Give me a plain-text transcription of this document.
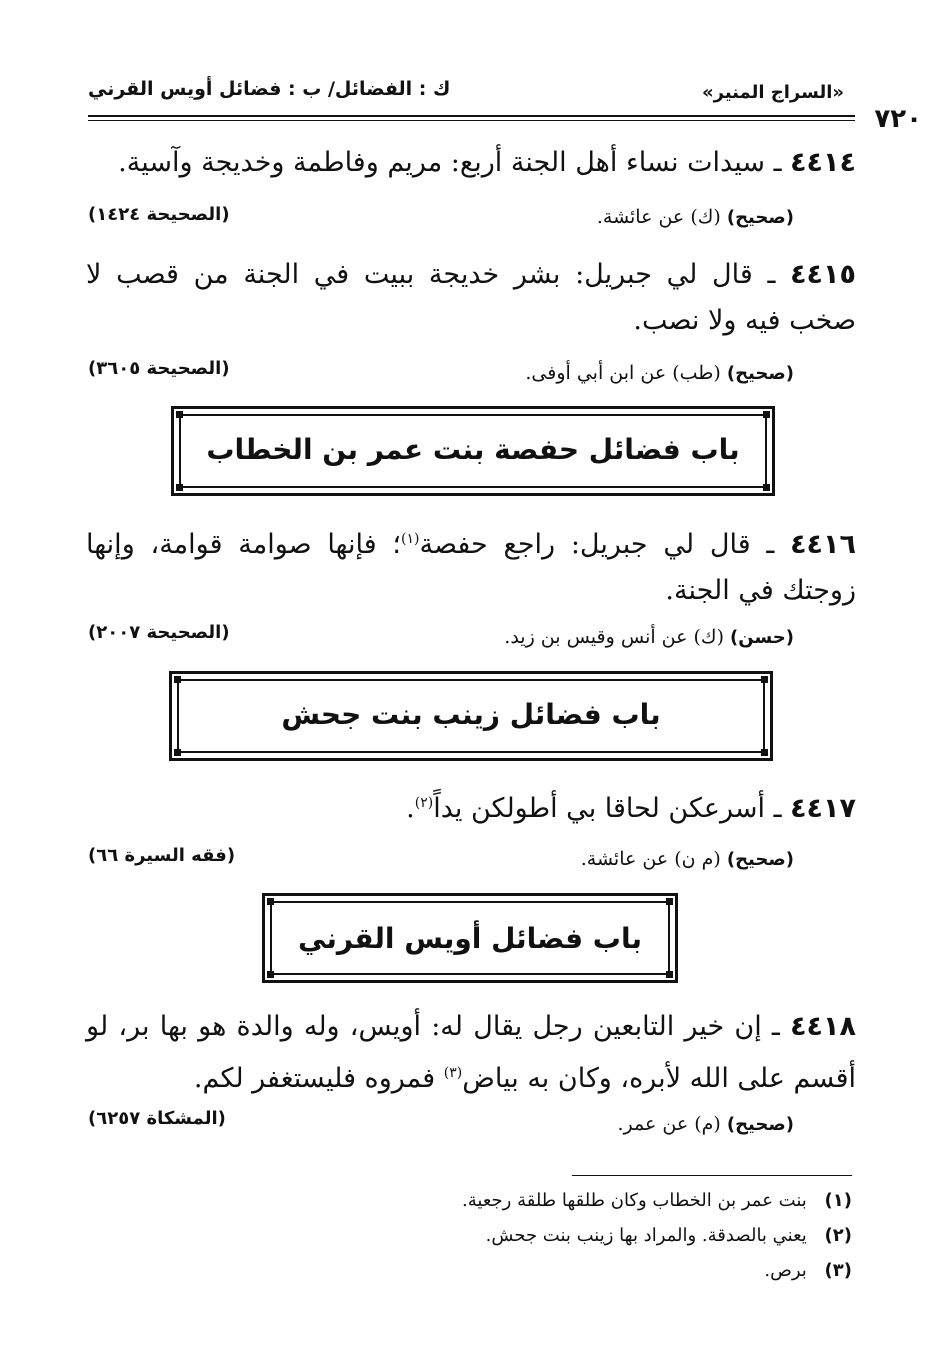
ك : الفضائل/ ب : فضائل أويس القرني	«السراج المنير»
٧٢٠
٤٤١٤ ـ سيدات نساء أهل الجنة أربع: مريم وفاطمة وخديجة وآسية.
(صحيح) (ك) عن عائشة.
(الصحيحة ١٤٢٤)
٤٤١٥ ـ قال لي جبريل: بشر خديجة ببيت في الجنة من قصب لا صخب فيه ولا نصب.
(صحيح) (طب) عن ابن أبي أوفى.
(الصحيحة ٣٦٠٥)
باب فضائل حفصة بنت عمر بن الخطاب
٤٤١٦ ـ قال لي جبريل: راجع حفصة$^{(١)}$؛ فإنها صوامة قوامة، وإنها زوجتك في الجنة.
(حسن) (ك) عن أنس وقيس بن زيد.
(الصحيحة ٢٠٠٧)
باب فضائل زينب بنت جحش
٤٤١٧ ـ أسرعكن لحاقا بي أطولكن يداً$^{(٢)}$.
(صحيح) (م ن) عن عائشة.
(فقه السيرة ٦٦)
باب فضائل أويس القرني
٤٤١٨ ـ إن خير التابعين رجل يقال له: أويس، وله والدة هو بها بر، لو أقسم على الله لأبره، وكان به بياض$^{(٣)}$ فمروه فليستغفر لكم.
(صحيح) (م) عن عمر.
(المشكاة ٦٢٥٧)
(١) بنت عمر بن الخطاب وكان طلقها طلقة رجعية.
(٢) يعني بالصدقة. والمراد بها زينب بنت جحش.
(٣) برص.
